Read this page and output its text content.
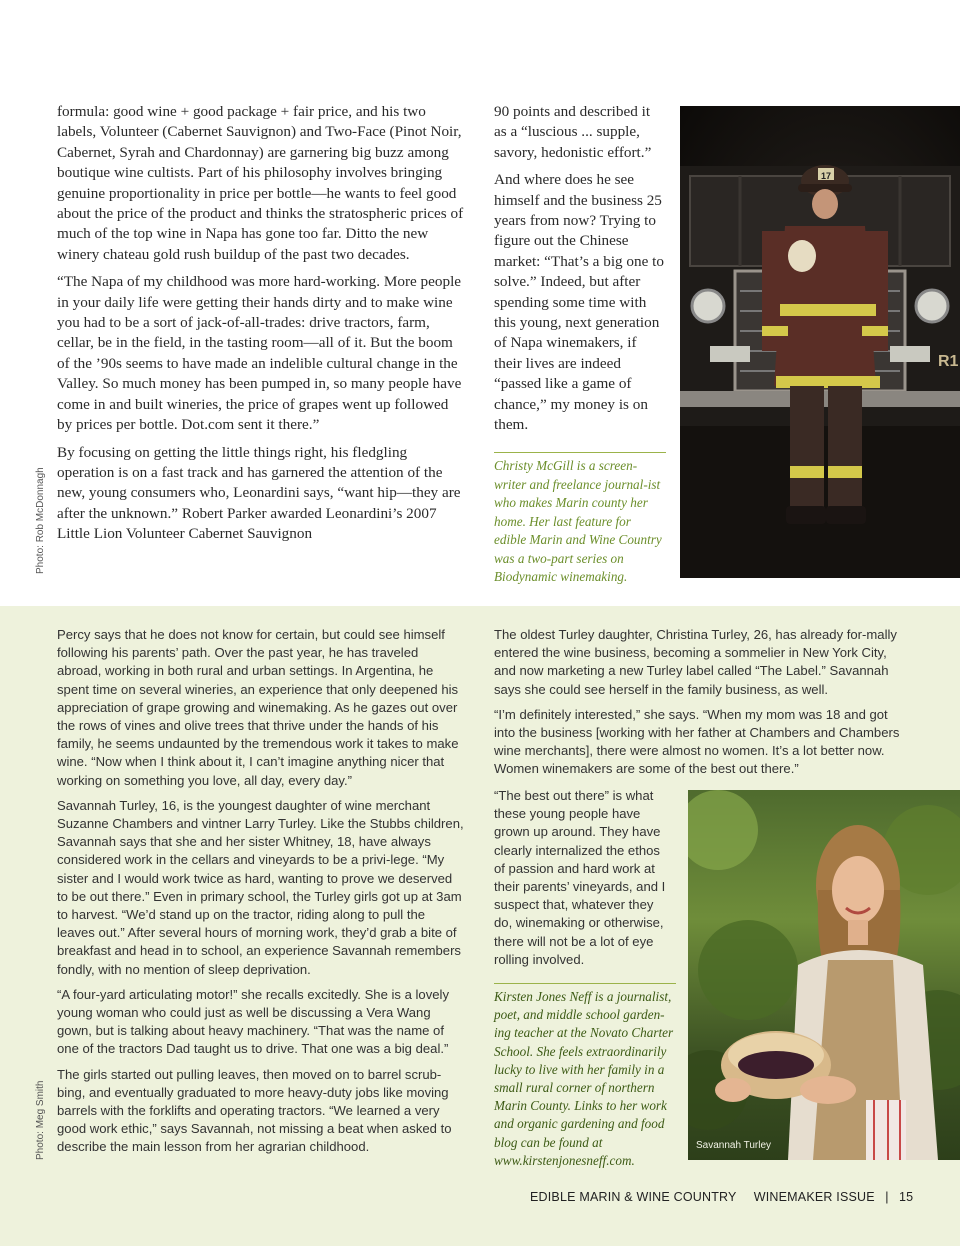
formula: good wine + good package + fair price, and his two labels, Volunteer (Cabernet Sauvignon) and Two-Face (Pinot Noir, Cabernet, Syrah and Chardonnay) are garnering big buzz among boutique wine cultists. Part of his philosophy involves bringing genuine proportionality in price per bottle—he wants to feel good about the price of the product and thinks the stratospheric prices of much of the top wine in Napa has gone too far. Ditto the new winery chateau gold rush buildup of the past two decades.

“The Napa of my childhood was more hard-working. More people in your daily life were getting their hands dirty and to make wine you had to be a sort of jack-of-all-trades: drive tractors, farm, cellar, be in the field, in the tasting room—all of it. But the boom of the ’90s seems to have made an indelible cultural change in the Valley. So much money has been pumped in, so many people have come in and built wineries, the price of grapes went up followed by prices per bottle. Dot.com sent it there.”

By focusing on getting the little things right, his fledgling operation is on a fast track and has garnered the attention of the new, young consumers who, Leonardini says, “want hip—they are after the unknown.” Robert Parker awarded Leonardini’s 2007 Little Lion Volunteer Cabernet Sauvignon

Photo: Rob McDonnagh

90 points and described it as a “luscious ... supple, savory, hedonistic effort.”

And where does he see himself and the business 25 years from now? Trying to figure out the Chinese market: “That’s a big one to solve.” Indeed, but after spending some time with this young, next generation of Napa winemakers, if their lives are indeed “passed like a game of chance,” my money is on them.

Christy McGill is a screen-writer and freelance journal-ist who makes Marin county her home. Her last feature for edible Marin and Wine Country was a two-part series on Biodynamic winemaking.
R1
17

Percy says that he does not know for certain, but could see himself following his parents’ path. Over the past year, he has traveled abroad, working in both rural and urban settings. In Argentina, he spent time on several wineries, an experience that only deepened his appreciation of grape growing and winemaking. As he gazes out over the rows of vines and olive trees that thrive under the hands of his family, he seems undaunted by the tremendous work it takes to make wine. “Now when I think about it, I can’t imagine anything nicer that working on something you love, all day, every day.”

Savannah Turley, 16, is the youngest daughter of wine merchant Suzanne Chambers and vintner Larry Turley. Like the Stubbs children, Savannah says that she and her sister Whitney, 18, have always considered work in the cellars and vineyards to be a privi-lege. “My sister and I would work twice as hard, wanting to prove we deserved to be out there.” Even in primary school, the Turley girls got up at 3am to harvest. “We’d stand up on the tractor, riding along to pull the leaves out.” After several hours of morning work, they’d grab a bite of breakfast and head in to school, an experience Savannah remembers fondly, with no mention of sleep deprivation.

“A four-yard articulating motor!” she recalls excitedly. She is a lovely young woman who could just as well be discussing a Vera Wang gown, but is talking about heavy machinery. “That was the name of one of the tractors Dad taught us to drive. That one was a big deal.”

The girls started out pulling leaves, then moved on to barrel scrub-bing, and eventually graduated to more heavy-duty jobs like moving barrels with the forklifts and operating tractors. “We learned a very good work ethic,” says Savannah, not missing a beat when asked to describe the main lesson from her agrarian childhood.

Photo: Meg Smith

The oldest Turley daughter, Christina Turley, 26, has already for-mally entered the wine business, becoming a sommelier in New York City, and now marketing a new Turley label called “The Label.” Savannah says she could see herself in the family business, as well.

“I’m definitely interested,” she says. “When my mom was 18 and got into the business [working with her father at Chambers and Chambers wine merchants], there were almost no women. It’s a lot better now. Women winemakers are some of the best out there.”

“The best out there” is what these young people have grown up around. They have clearly internalized the ethos of passion and hard work at their parents’ vineyards, and I suspect that, whatever they do, winemaking or otherwise, there will not be a lot of eye rolling involved.
Kirsten Jones Neff is a journalist, poet, and middle school garden-ing teacher at the Novato Charter School. She feels extraordinarily lucky to live with her family in a small rural corner of northern Marin County. Links to her work and organic gardening and food blog can be found at www.kirstenjonesneff.com.
Savannah Turley
EDIBLE MARIN & WINE COUNTRY WINEMAKER ISSUE | 15
